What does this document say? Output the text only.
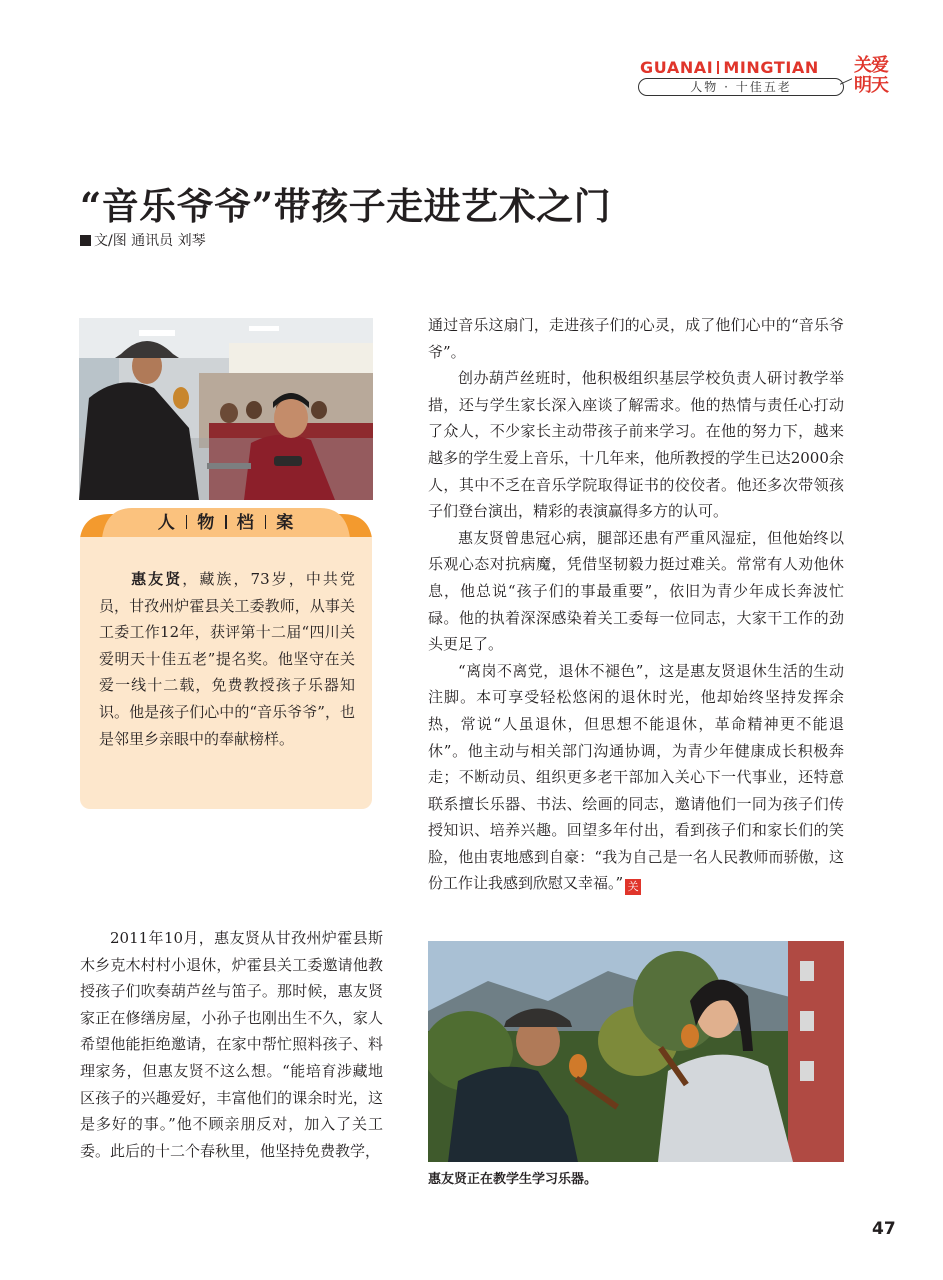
GUANAI MINGTIAN
人物 · 十佳五老
关爱
明天
“音乐爷爷”带孩子走进艺术之门
文/图 通讯员 刘琴
人 物 档 案
惠友贤，藏族，73岁，中共党员，甘孜州炉霍县关工委教师，从事关工委工作12年，获评第十二届“四川关爱明天十佳五老”提名奖。他坚守在关爱一线十二载，免费教授孩子乐器知识。他是孩子们心中的“音乐爷爷”，也是邻里乡亲眼中的奉献榜样。

2011年10月，惠友贤从甘孜州炉霍县斯木乡克木村村小退休，炉霍县关工委邀请他教授孩子们吹奏葫芦丝与笛子。那时候，惠友贤家正在修缮房屋，小孙子也刚出生不久，家人希望他能拒绝邀请，在家中帮忙照料孩子、料理家务，但惠友贤不这么想。“能培育涉藏地区孩子的兴趣爱好，丰富他们的课余时光，这是多好的事。”他不顾亲朋反对，加入了关工委。此后的十二个春秋里，他坚持免费教学，

通过音乐这扇门，走进孩子们的心灵，成了他们心中的“音乐爷爷”。

创办葫芦丝班时，他积极组织基层学校负责人研讨教学举措，还与学生家长深入座谈了解需求。他的热情与责任心打动了众人，不少家长主动带孩子前来学习。在他的努力下，越来越多的学生爱上音乐，十几年来，他所教授的学生已达2000余人，其中不乏在音乐学院取得证书的佼佼者。他还多次带领孩子们登台演出，精彩的表演赢得多方的认可。

惠友贤曾患冠心病，腿部还患有严重风湿症，但他始终以乐观心态对抗病魔，凭借坚韧毅力挺过难关。常常有人劝他休息，他总说“孩子们的事最重要”，依旧为青少年成长奔波忙碌。他的执着深深感染着关工委每一位同志，大家干工作的劲头更足了。

“离岗不离党，退休不褪色”，这是惠友贤退休生活的生动注脚。本可享受轻松悠闲的退休时光，他却始终坚持发挥余热，常说“人虽退休，但思想不能退休，革命精神更不能退休”。他主动与相关部门沟通协调，为青少年健康成长积极奔走；不断动员、组织更多老干部加入关心下一代事业，还特意联系擅长乐器、书法、绘画的同志，邀请他们一同为孩子们传授知识、培养兴趣。回望多年付出，看到孩子们和家长们的笑脸，他由衷地感到自豪：“我为自己是一名人民教师而骄傲，这份工作让我感到欣慰又幸福。” 关

惠友贤正在教学生学习乐器。
47
